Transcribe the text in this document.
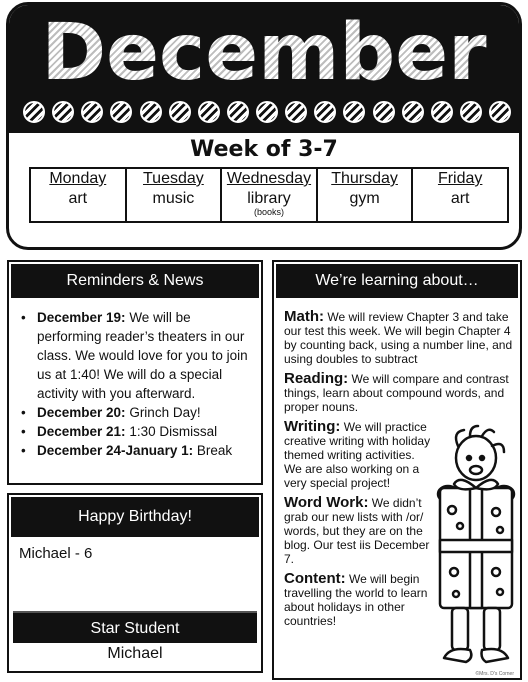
December
Week of 3-7
Monday
art
Tuesday
music
Wednesday
library
(books)
Thursday
gym
Friday
art
Reminders & News
• December 19: We will be performing reader’s theaters in our class. We would love for you to join us at 1:40! We will do a special activity with you afterward.
• December 20: Grinch Day!
• December 21: 1:30 Dismissal
• December 24-January 1: Break
Happy Birthday!
Michael - 6
Star Student
Michael
We’re learning about…
Math: We will review Chapter 3 and take our test this week. We will begin Chapter 4 by counting back, using a number line, and using doubles to subtract
Reading: We will compare and contrast things, learn about compound words, and proper nouns.
Writing: We will practice creative writing with holiday themed writing activities. We are also working on a very special project!
Word Work: We didn’t grab our new lists with /or/ words, but they are on the blog. Our test iis December 7.
Content: We will begin travelling the world to learn about holidays in other countries!
©Mrs. D's Corner
